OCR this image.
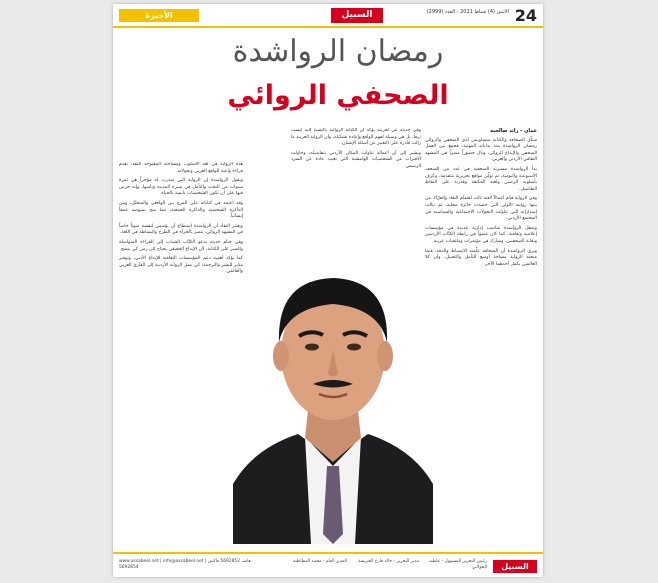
الأخيرة	السبيل	الاثنين (4) شباط 2021 - العدد (2999) 24
رمضان الرواشدة
الصحفي الروائي
عمان - رائد صالحية

شكّل الصحافة والكتابة متساويتين لدى الصحفي والروائي رمضان الرواشدة منذ بداياته المهنية، فجمع بين العمل الصحفي والإبداع الروائي، ونال حضوراً مميزاً في المشهد الثقافي الأردني والعربي.

بدأ الرواشدة مسيرته الصحفية في عدد من الصحف الأسبوعية واليومية، ثم تولّى مواقع تحريرية متقدمة، وعُرف بأسلوبه الرصين ولغته المكثفة وقدرته على التقاط التفاصيل.

وفي الرواية قدّم أعمالاً لافتة نالت اهتمام النقاد والقرّاء، من بينها روايته الأولى التي حصدت جائزة محلية، ثم تتالت إصداراته التي تناولت التحولات الاجتماعية والسياسية في المجتمع الأردني.

وشغل الرواشدة مناصب إدارية عديدة في مؤسسات إعلامية وثقافية، كما كان عضواً في رابطة الكتّاب الأردنيين ونقابة الصحفيين، وشارك في مؤتمرات وملتقيات عربية.

ويرى الرواشدة أن الصحافة علّمته الانضباط والدقة، فيما منحته الرواية مساحة أوسع للتأمل والتخييل، وأن كلا العالمين يكمل أحدهما الآخر.

وفي حديثه عن تجربته يؤكد أن الكتابة الروائية بالنسبة إليه ليست ترفاً، بل هي وسيلة لفهم الواقع وإعادة تشكيله، وأن الرواية العربية ما زالت قادرة على التعبير عن أسئلة الإنسان.

ويشير إلى أن أعماله تناولت المكان الأردني بتفاصيله، وحاولت الاقتراب من الشخصيات الهامشية التي تغيب عادة عن السرد الرسمي.

هذه الرواية في لغة الأسلوب ومساحته المفتوحة للنقد، تقدم قراءة واعية للواقع العربي وتحولاته.

ويقول الرواشدة إن الرواية التي صدرت له مؤخراً هي ثمرة سنوات من البحث والتأمل في سيرة المدينة وناسها، وإنه حرص فيها على أن تكون الشخصيات نابضة بالحياة.

وقد اعتمد في كتاباته على المزج بين الواقعي والمتخيّل، وبين الذاكرة الشخصية والذاكرة الجمعية، مما منح نصوصه عمقاً إنسانياً.

ويعتبر النقاد أن الرواشدة استطاع أن يؤسس لنفسه صوتاً خاصاً في المشهد الروائي، يتميز بالجرأة في الطرح والبساطة في اللغة.

وفي ختام حديثه يدعو الكتّاب الشباب إلى القراءة المتواصلة والصبر على الكتابة، لأن الإبداع الحقيقي يحتاج إلى زمن كي ينضج.

كما يؤكد أهمية دعم المؤسسات الثقافية للإبداع الأدبي، وتوفير منابر للنشر والترجمة، كي تصل الرواية الأردنية إلى القارئ العربي والعالمي.

السبيل
رئيس التحرير المسؤول - عاطف الجولاني
مدير التحرير - خالد فازع الخريشة
المدير العام - محمد الفظاظنة
www.assabeel.net | info@assabeel.net | هاتف 5692852 فاكس 5692854
